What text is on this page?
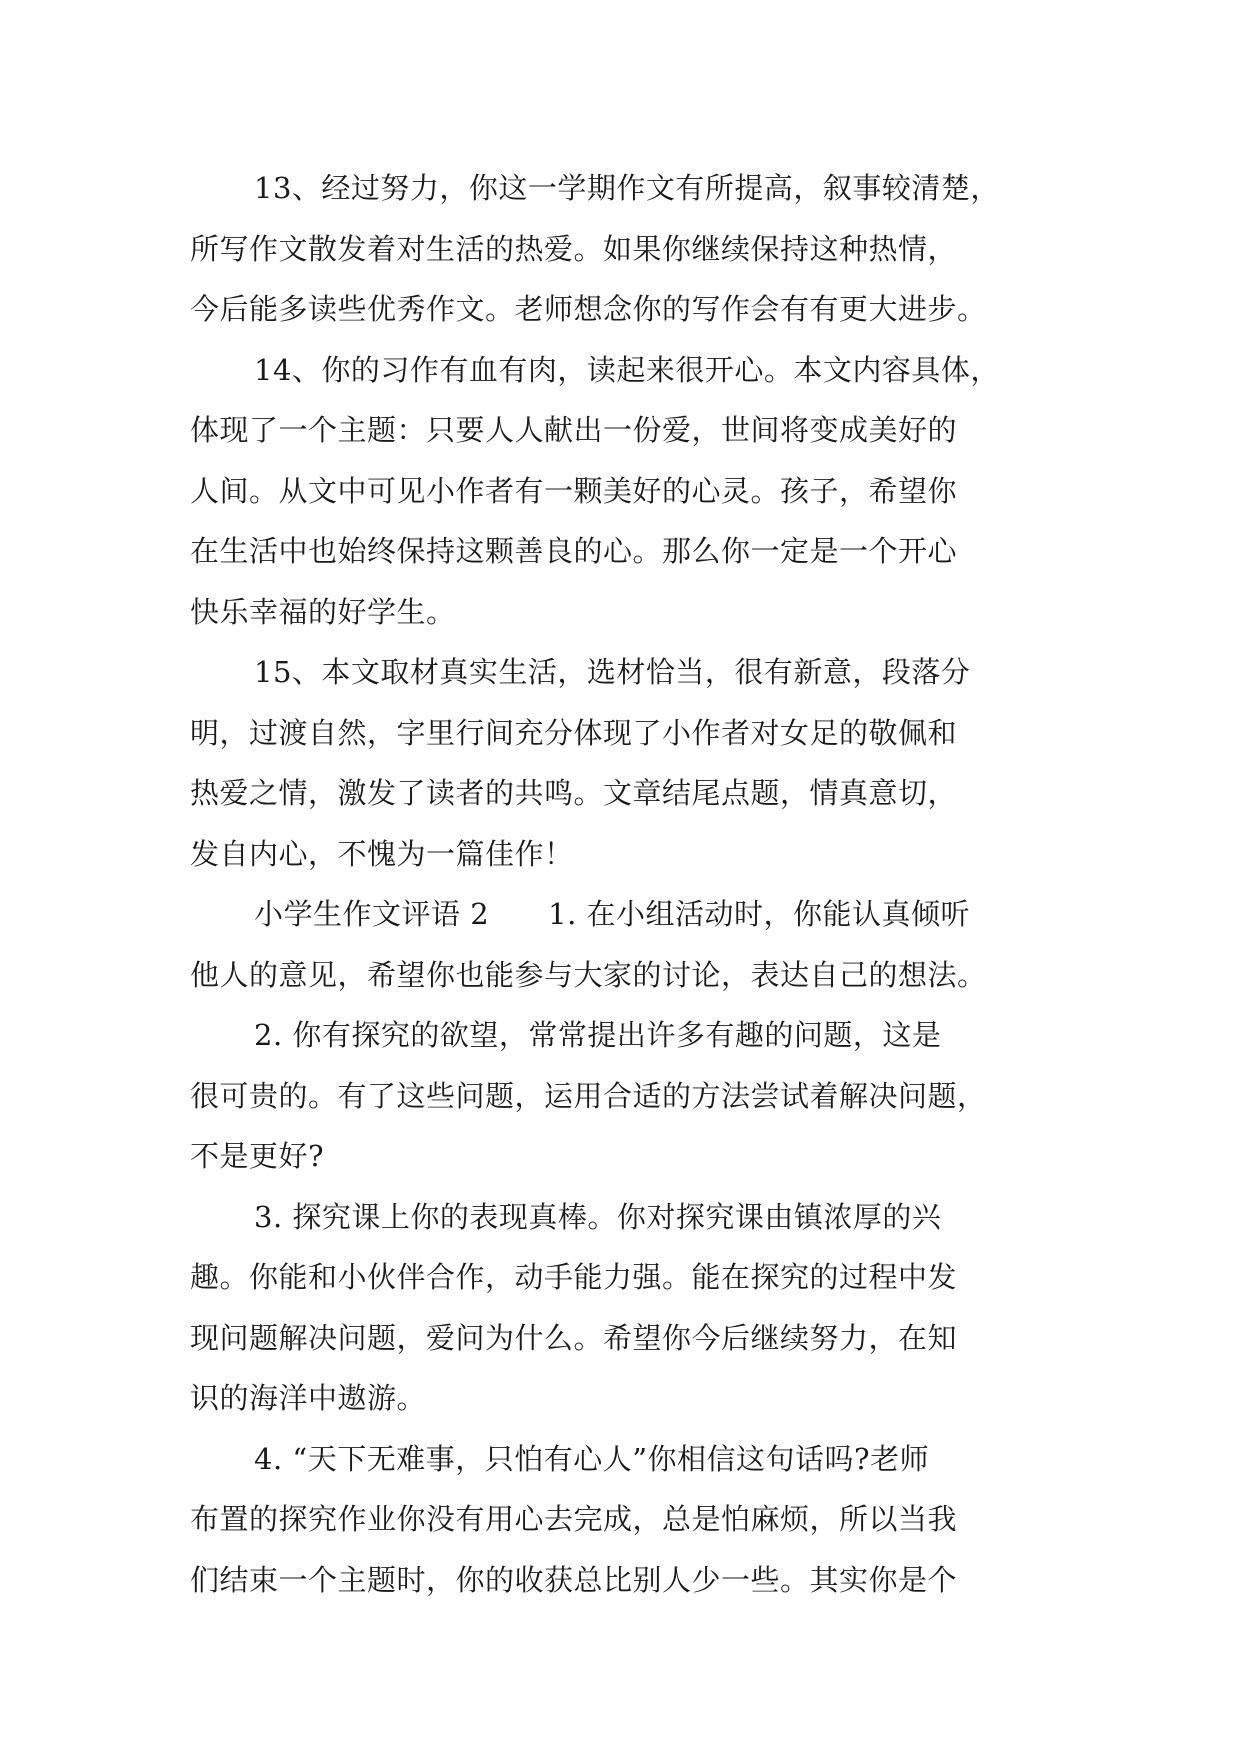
13、经过努力，你这一学期作文有所提高，叙事较清楚，
所写作文散发着对生活的热爱。如果你继续保持这种热情，
今后能多读些优秀作文。老师想念你的写作会有有更大进步。
14、你的习作有血有肉，读起来很开心。本文内容具体，
体现了一个主题：只要人人献出一份爱，世间将变成美好的
人间。从文中可见小作者有一颗美好的心灵。孩子，希望你
在生活中也始终保持这颗善良的心。那么你一定是一个开心
快乐幸福的好学生。
15、本文取材真实生活，选材恰当，很有新意，段落分
明，过渡自然，字里行间充分体现了小作者对女足的敬佩和
热爱之情，激发了读者的共鸣。文章结尾点题，情真意切，
发自内心，不愧为一篇佳作！
小学生作文评语 2　　1. 在小组活动时，你能认真倾听
他人的意见，希望你也能参与大家的讨论，表达自己的想法。
2. 你有探究的欲望，常常提出许多有趣的问题，这是
很可贵的。有了这些问题，运用合适的方法尝试着解决问题，
不是更好?
3. 探究课上你的表现真棒。你对探究课由镇浓厚的兴
趣。你能和小伙伴合作，动手能力强。能在探究的过程中发
现问题解决问题，爱问为什么。希望你今后继续努力，在知
识的海洋中遨游。
4. “天下无难事，只怕有心人”你相信这句话吗?老师
布置的探究作业你没有用心去完成，总是怕麻烦，所以当我
们结束一个主题时，你的收获总比别人少一些。其实你是个
